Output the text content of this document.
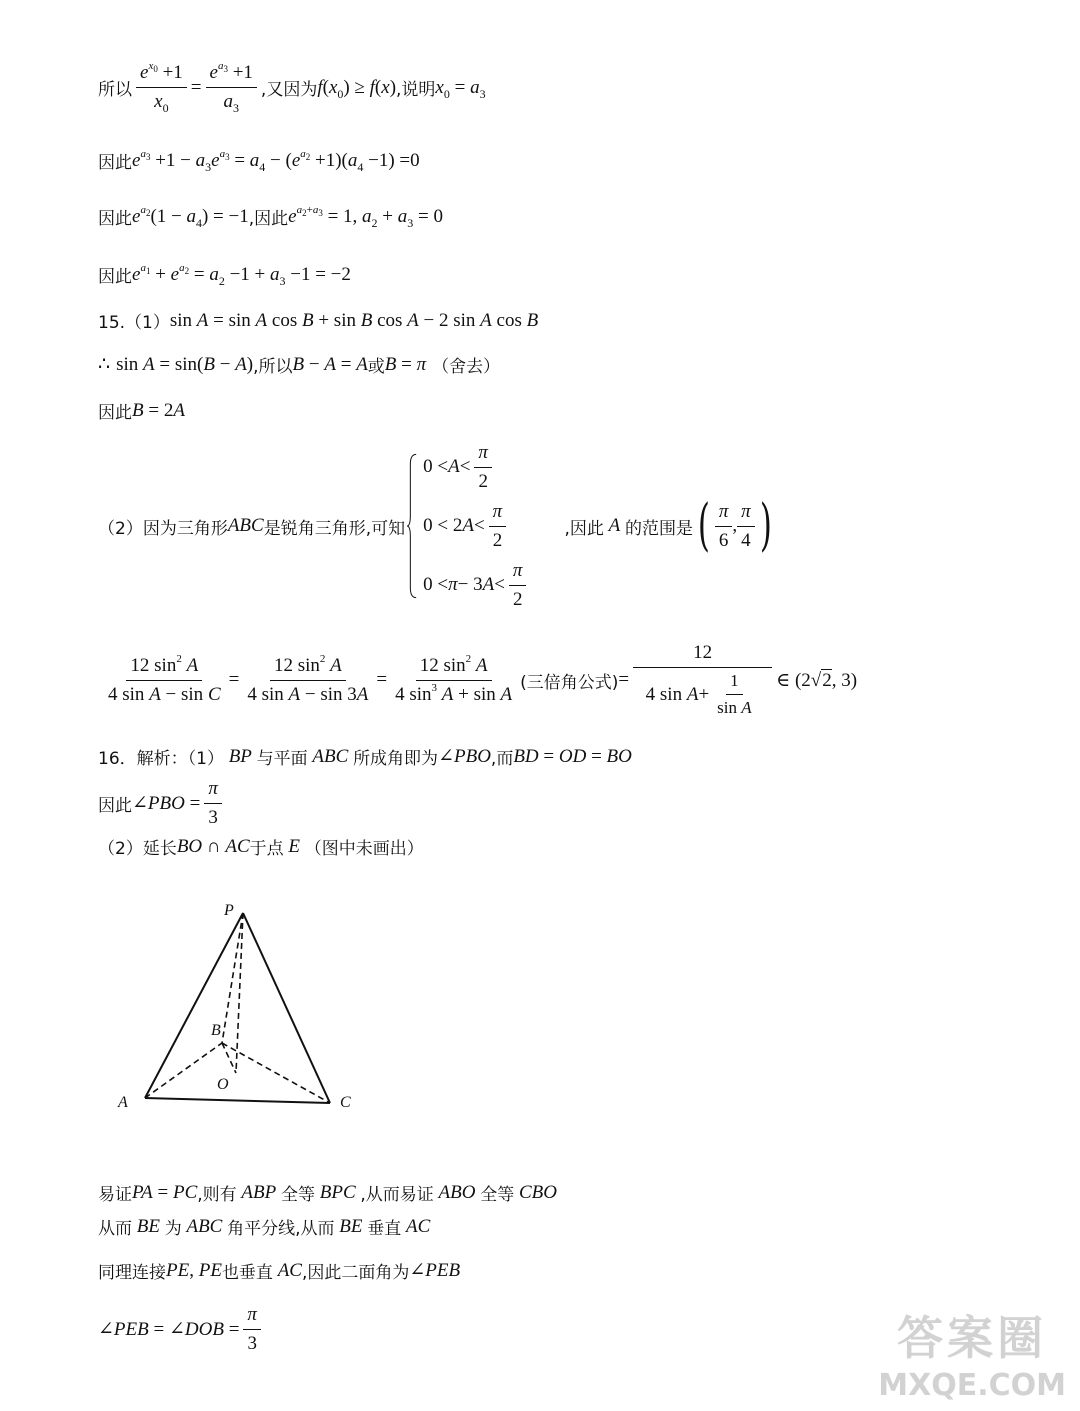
所以 $\frac{e^{x_0} +1}{x_0} = \frac{e^{a_3} +1}{a_3}$ ,又因为 $f(x_0) \ge f(x)$ ,说明 $x_0 = a_3$
因此 $e^{a_3} +1 - a_3e^{a_3} = a_4 - (e^{a_2} +1)(a_4 -1) =0$
因此 $e^{a_2}(1 - a_4) = -1$ ,因此 $e^{a_2+a_3} = 1$, $a_2 + a_3 = 0$
因此 $e^{a_1} + e^{a_2} = a_2 -1 + a_3 -1 = -2$
15.（1） sin A = sin A cos B + sin B cos A − 2 sin A cos B
∴ sin A = sin(B − A) ,所以 B − A = A 或 B = π （舍去）
因此 B = 2A
（2）因为三角形 ABC 是锐角三角形,可知
$0 < A < \frac{\pi}{2}$
0 < 2 $A < \frac{\pi}{2}$
0 < π − 3 $A < \frac{\pi}{2}$
,因此 A 的范围是 ( $\frac{\pi}{6}$ , $\frac{\pi}{4}$ )
$\frac{12 \sin^2 A}{\text{4 sin A − sin C}} = \frac{12 \sin^2 A}{\text{4 sin A − sin 3A}} = \frac{12 \sin^2 A}{4 \sin^3 A + \sin A}$ (三倍角公式) = $\frac{12}{4 \sin A + \frac{1}{\text{sin A}}}$ ∈ (2√2, 3)
16．解析：（1） BP 与平面 ABC 所成角即为 ∠PBO ,而 BD = OD = BO
因此 ∠PBO = $\frac{\pi}{3}$
（2）延长 BO ∩ AC 于点 E （图中未画出）
P
B
O
A	C
易证 PA = PC ,则有 ABP 全等 BPC ,从而易证 ABO 全等 CBO
从而 BE 为 ABC 角平分线,从而 BE 垂直 AC
同理连接 PE, PE 也垂直 AC ,因此二面角为 ∠PEB
∠PEB = ∠DOB = $\frac{\pi}{3}$	答案圈
MXQE.COM
